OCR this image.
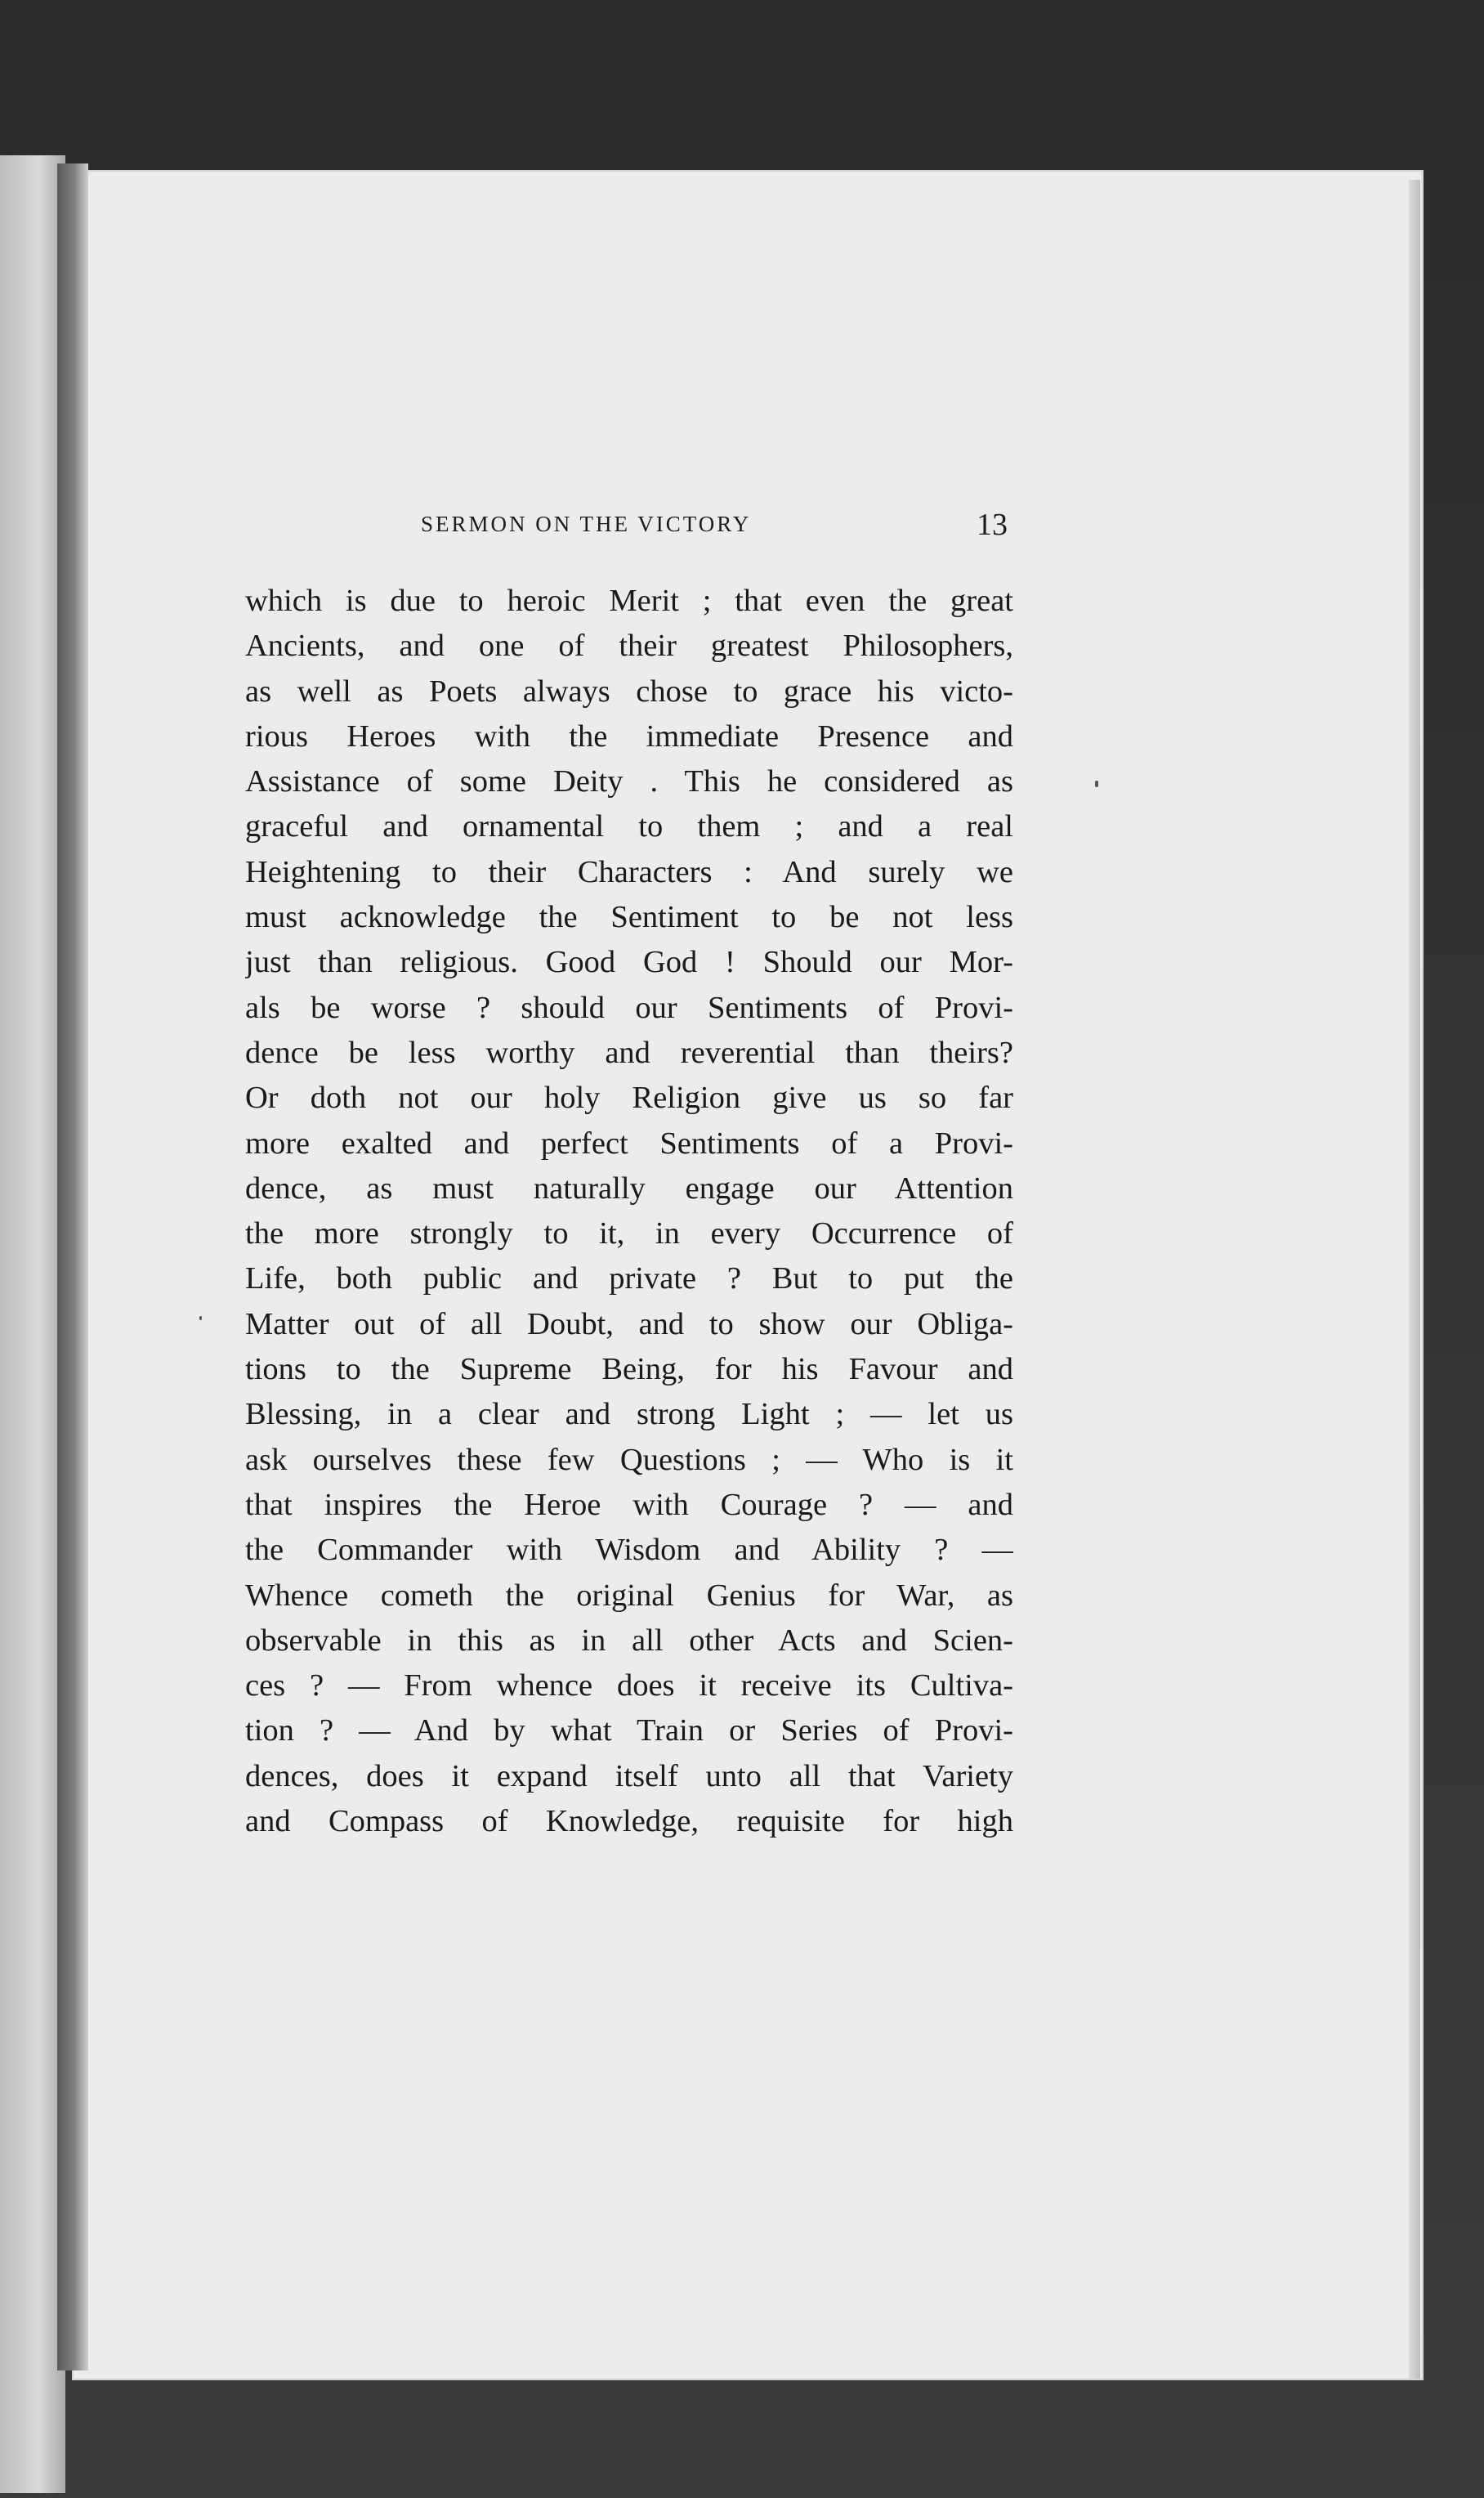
SERMON ON THE VICTORY	13
which is due to heroic Merit ; that even the great
Ancients, and one of their greatest Philosophers,
as well as Poets always chose to grace his victo-
rious Heroes with the immediate Presence and
Assistance of some Deity . This he considered as
graceful and ornamental to them ; and a real
Heightening to their Characters : And surely we
must acknowledge the Sentiment to be not less
just than religious. Good God ! Should our Mor-
als be worse ? should our Sentiments of Provi-
dence be less worthy and reverential than theirs?
Or doth not our holy Religion give us so far
more exalted and perfect Sentiments of a Provi-
dence, as must naturally engage our Attention
the more strongly to it, in every Occurrence of
Life, both public and private ? But to put the
Matter out of all Doubt, and to show our Obliga-
tions to the Supreme Being, for his Favour and
Blessing, in a clear and strong Light ; — let us
ask ourselves these few Questions ; — Who is it
that inspires the Heroe with Courage ? — and
the Commander with Wisdom and Ability ? —
Whence cometh the original Genius for War, as
observable in this as in all other Acts and Scien-
ces ? — From whence does it receive its Cultiva-
tion ? — And by what Train or Series of Provi-
dences, does it expand itself unto all that Variety
and Compass of Knowledge, requisite for high
